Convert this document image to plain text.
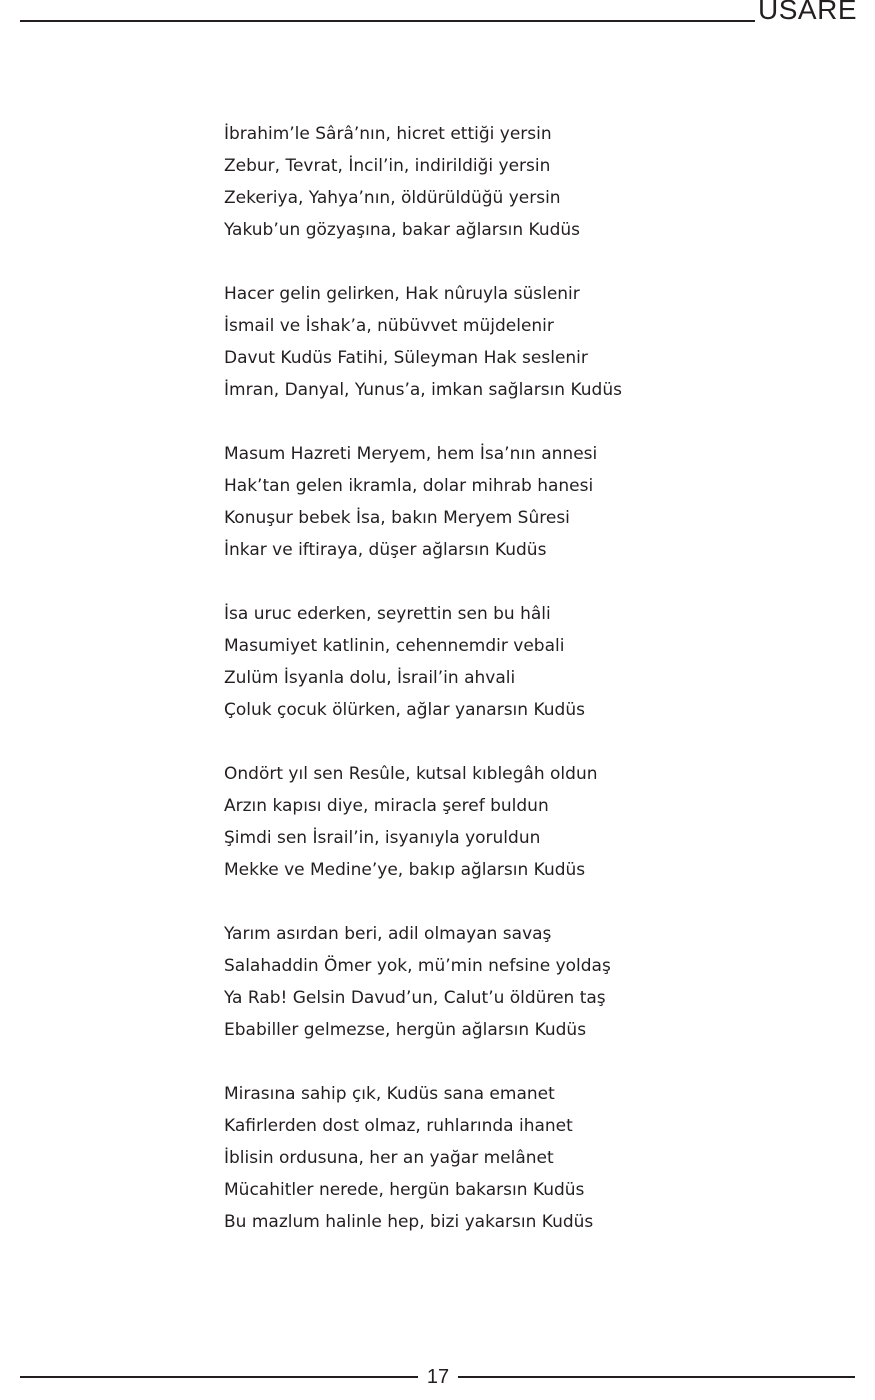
USARE
İbrahim’le Sârâ’nın, hicret ettiği yersin
Zebur, Tevrat, İncil’in, indirildiği yersin
Zekeriya, Yahya’nın, öldürüldüğü yersin
Yakub’un gözyaşına, bakar ağlarsın Kudüs
Hacer gelin gelirken, Hak nûruyla süslenir
İsmail ve İshak’a, nübüvvet müjdelenir
Davut Kudüs Fatihi, Süleyman Hak seslenir
İmran, Danyal, Yunus’a, imkan sağlarsın Kudüs
Masum Hazreti Meryem, hem İsa’nın annesi
Hak’tan gelen ikramla, dolar mihrab hanesi
Konuşur bebek İsa, bakın Meryem Sûresi
İnkar ve iftiraya, düşer ağlarsın Kudüs
İsa uruc ederken, seyrettin sen bu hâli
Masumiyet katlinin, cehennemdir vebali
Zulüm İsyanla dolu, İsrail’in ahvali
Çoluk çocuk ölürken, ağlar yanarsın Kudüs
Ondört yıl sen Resûle, kutsal kıblegâh oldun
Arzın kapısı diye, miracla şeref buldun
Şimdi sen İsrail’in, isyanıyla yoruldun
Mekke ve Medine’ye, bakıp ağlarsın Kudüs
Yarım asırdan beri, adil olmayan savaş
Salahaddin Ömer yok, mü’min nefsine yoldaş
Ya Rab! Gelsin Davud’un, Calut’u öldüren taş
Ebabiller gelmezse, hergün ağlarsın Kudüs
Mirasına sahip çık, Kudüs sana emanet
Kafirlerden dost olmaz, ruhlarında ihanet
İblisin ordusuna, her an yağar melânet
Mücahitler nerede, hergün bakarsın Kudüs
Bu mazlum halinle hep, bizi yakarsın Kudüs
17
